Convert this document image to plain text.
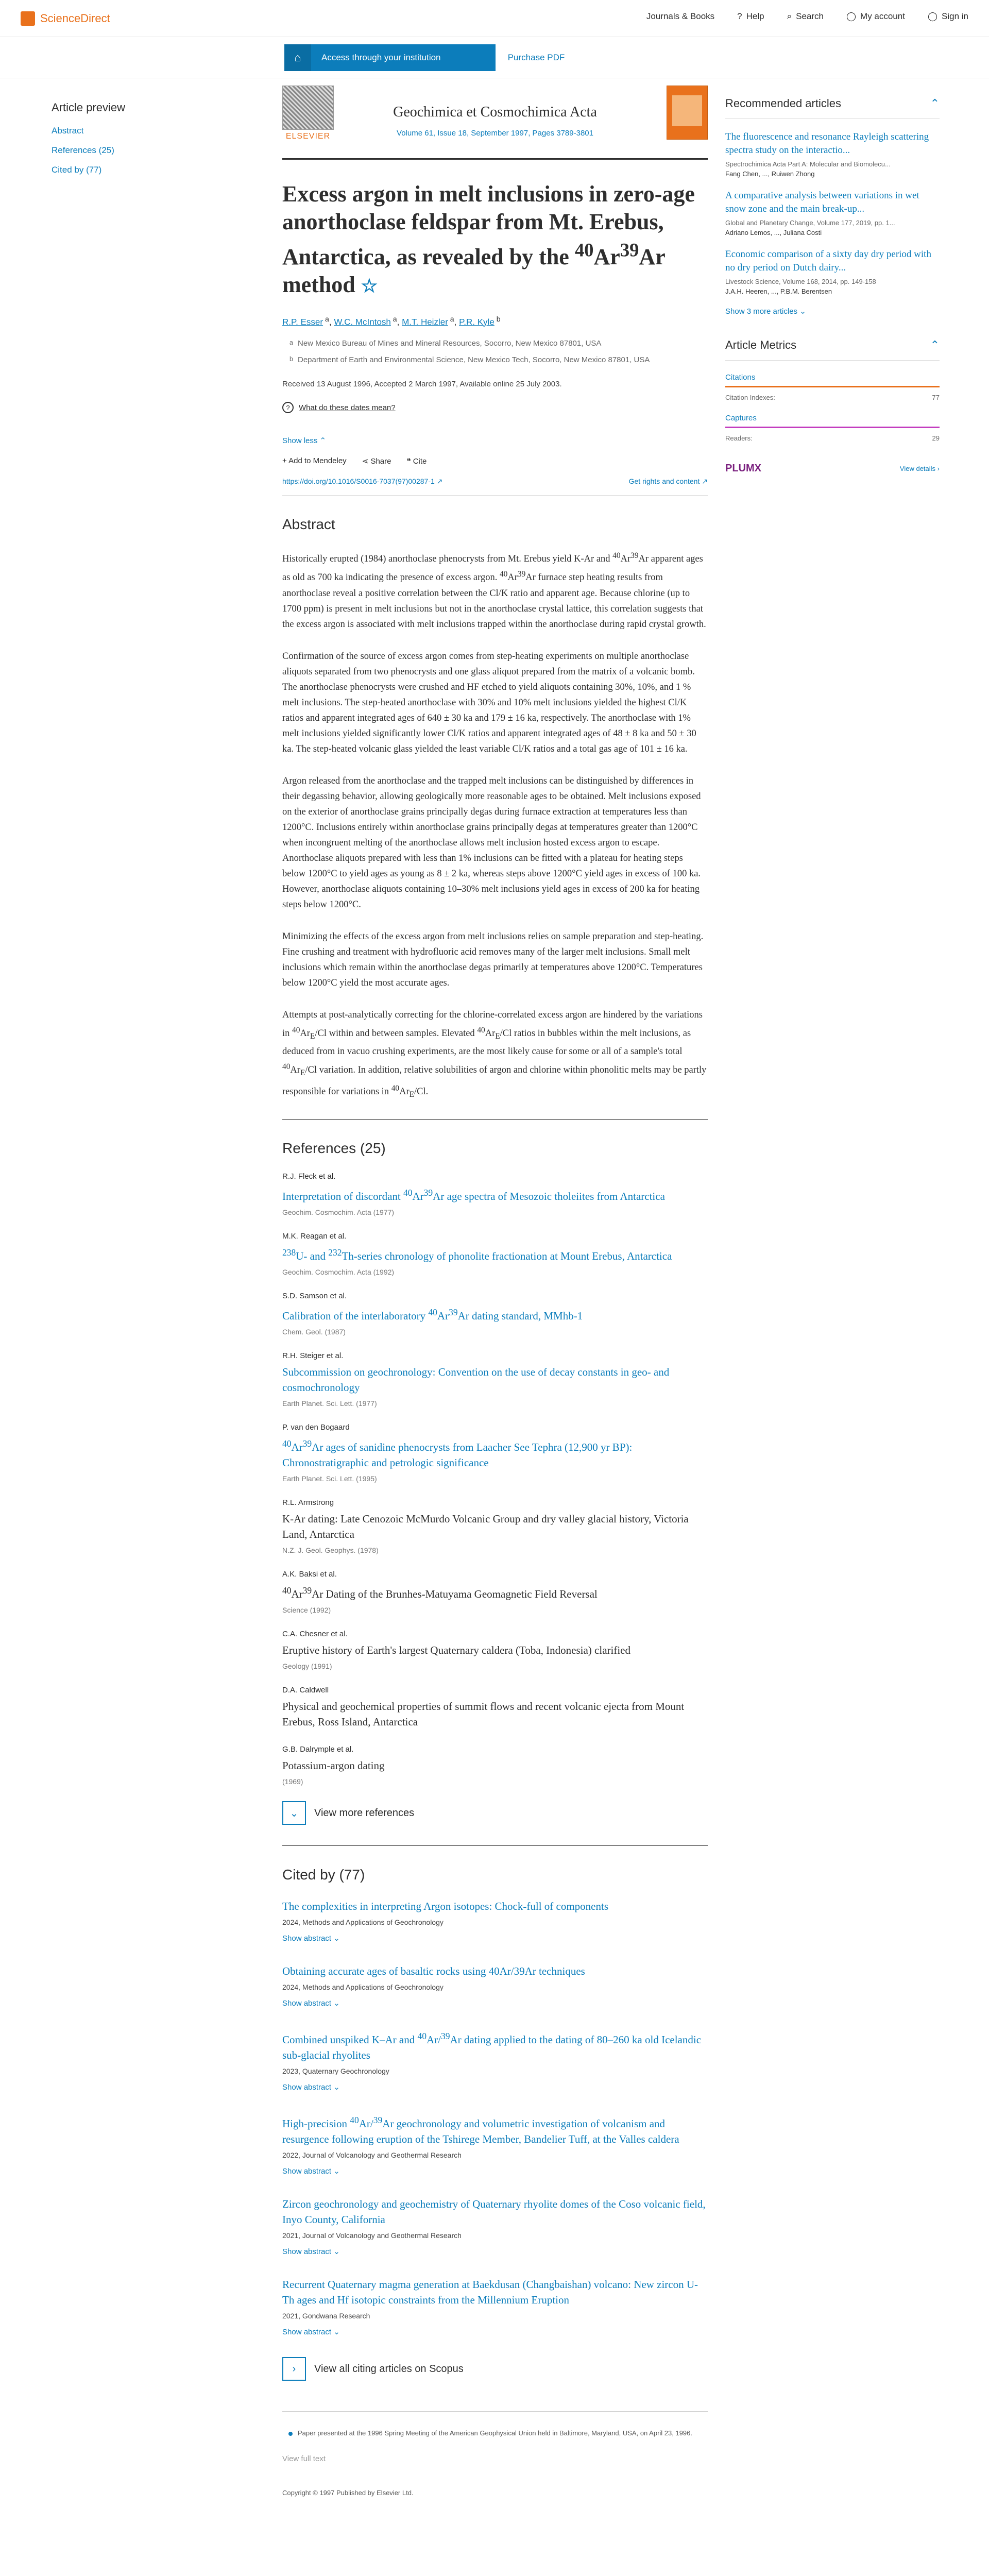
ScienceDirect	Journals & Books	? Help	⌕ Search	◯ My account	◯ Sign in
⌂	Access through your institution	Purchase PDF
Article preview
Abstract
References (25)
Cited by (77)
ELSEVIER
Geochimica et Cosmochimica Acta
Volume 61, Issue 18, September 1997, Pages 3789-3801
Excess argon in melt inclusions in zero-age anorthoclase feldspar from Mt. Erebus, Antarctica, as revealed by the $^{40}$Ar$^{39}$Ar method ☆
R.P. Esser $^a$, W.C. McIntosh $^a$, M.T. Heizler $^a$, P.R. Kyle $^b$
a New Mexico Bureau of Mines and Mineral Resources, Socorro, New Mexico 87801, USA
b Department of Earth and Environmental Science, New Mexico Tech, Socorro, New Mexico 87801, USA
Received 13 August 1996, Accepted 2 March 1997, Available online 25 July 2003.
?	What do these dates mean?
Show less ⌃
+ Add to Mendeley ⋖ Share ❝ Cite
https://doi.org/10.1016/S0016-7037(97)00287-1 ↗	Get rights and content ↗
Abstract

Historically erupted (1984) anorthoclase phenocrysts from Mt. Erebus yield K-Ar and $^{40}$Ar$^{39}$Ar apparent ages as old as 700 ka indicating the presence of excess argon. $^{40}$Ar$^{39}$Ar furnace step heating results from anorthoclase reveal a positive correlation between the Cl/K ratio and apparent age. Because chlorine (up to 1700 ppm) is present in melt inclusions but not in the anorthoclase crystal lattice, this correlation suggests that the excess argon is associated with melt inclusions trapped within the anorthoclase during rapid crystal growth.

Confirmation of the source of excess argon comes from step-heating experiments on multiple anorthoclase aliquots separated from two phenocrysts and one glass aliquot prepared from the matrix of a volcanic bomb. The anorthoclase phenocrysts were crushed and HF etched to yield aliquots containing 30%, 10%, and 1 % melt inclusions. The step-heated anorthoclase with 30% and 10% melt inclusions yielded the highest Cl/K ratios and apparent integrated ages of 640 ± 30 ka and 179 ± 16 ka, respectively. The anorthoclase with 1% melt inclusions yielded significantly lower Cl/K ratios and apparent integrated ages of 48 ± 8 ka and 50 ± 30 ka. The step-heated volcanic glass yielded the least variable Cl/K ratios and a total gas age of 101 ± 16 ka.

Argon released from the anorthoclase and the trapped melt inclusions can be distinguished by differences in their degassing behavior, allowing geologically more reasonable ages to be obtained. Melt inclusions exposed on the exterior of anorthoclase grains principally degas during furnace extraction at temperatures less than 1200°C. Inclusions entirely within anorthoclase grains principally degas at temperatures greater than 1200°C when incongruent melting of the anorthoclase allows melt inclusion hosted excess argon to escape. Anorthoclase aliquots prepared with less than 1% inclusions can be fitted with a plateau for heating steps below 1200°C to yield ages as young as 8 ± 2 ka, whereas steps above 1200°C yield ages in excess of 100 ka. However, anorthoclase aliquots containing 10–30% melt inclusions yield ages in excess of 200 ka for heating steps below 1200°C.

Minimizing the effects of the excess argon from melt inclusions relies on sample preparation and step-heating. Fine crushing and treatment with hydrofluoric acid removes many of the larger melt inclusions. Small melt inclusions which remain within the anorthoclase degas primarily at temperatures above 1200°C. Temperatures below 1200°C yield the most accurate ages.

Attempts at post-analytically correcting for the chlorine-correlated excess argon are hindered by the variations in $^{40}Ar_E/Cl$ within and between samples. Elevated $^{40}Ar_E/Cl$ ratios in bubbles within the melt inclusions, as deduced from in vacuo crushing experiments, are the most likely cause for some or all of a sample's total $^{40}Ar_E/Cl$ variation. In addition, relative solubilities of argon and chlorine within phonolitic melts may be partly responsible for variations in $^{40}Ar_E/Cl$.

References (25)
R.J. Fleck et al.
Interpretation of discordant $^{40}$Ar$^{39}$Ar age spectra of Mesozoic tholeiites from Antarctica
Geochim. Cosmochim. Acta (1977)
M.K. Reagan et al.
$^{238}$U- and $^{232}$Th-series chronology of phonolite fractionation at Mount Erebus, Antarctica
Geochim. Cosmochim. Acta (1992)
S.D. Samson et al.
Calibration of the interlaboratory $^{40}$Ar$^{39}$Ar dating standard, MMhb-1
Chem. Geol. (1987)
R.H. Steiger et al.
Subcommission on geochronology: Convention on the use of decay constants in geo- and cosmochronology
Earth Planet. Sci. Lett. (1977)
P. van den Bogaard
$^{40}$Ar$^{39}$Ar ages of sanidine phenocrysts from Laacher See Tephra (12,900 yr BP): Chronostratigraphic and petrologic significance
Earth Planet. Sci. Lett. (1995)
R.L. Armstrong
K-Ar dating: Late Cenozoic McMurdo Volcanic Group and dry valley glacial history, Victoria Land, Antarctica
N.Z. J. Geol. Geophys. (1978)
A.K. Baksi et al.
$^{40}$Ar$^{39}$Ar Dating of the Brunhes-Matuyama Geomagnetic Field Reversal
Science (1992)
C.A. Chesner et al.
Eruptive history of Earth's largest Quaternary caldera (Toba, Indonesia) clarified
Geology (1991)
D.A. Caldwell
Physical and geochemical properties of summit flows and recent volcanic ejecta from Mount Erebus, Ross Island, Antarctica
G.B. Dalrymple et al.
Potassium-argon dating
(1969)
⌄	View more references
Cited by (77)
The complexities in interpreting Argon isotopes: Chock-full of components
2024, Methods and Applications of Geochronology
Show abstract ⌄
Obtaining accurate ages of basaltic rocks using 40Ar/39Ar techniques
2024, Methods and Applications of Geochronology
Show abstract ⌄
Combined unspiked K–Ar and $^{40}$Ar/$^{39}$Ar dating applied to the dating of 80–260 ka old Icelandic sub-glacial rhyolites
2023, Quaternary Geochronology
Show abstract ⌄
High-precision $^{40}$Ar/$^{39}$Ar geochronology and volumetric investigation of volcanism and resurgence following eruption of the Tshirege Member, Bandelier Tuff, at the Valles caldera
2022, Journal of Volcanology and Geothermal Research
Show abstract ⌄
Zircon geochronology and geochemistry of Quaternary rhyolite domes of the Coso volcanic field, Inyo County, California
2021, Journal of Volcanology and Geothermal Research
Show abstract ⌄
Recurrent Quaternary magma generation at Baekdusan (Changbaishan) volcano: New zircon U-Th ages and Hf isotopic constraints from the Millennium Eruption
2021, Gondwana Research
Show abstract ⌄
›	View all citing articles on Scopus
Paper presented at the 1996 Spring Meeting of the American Geophysical Union held in Baltimore, Maryland, USA, on April 23, 1996.
View full text
Copyright © 1997 Published by Elsevier Ltd.
Recommended articles	⌃
The fluorescence and resonance Rayleigh scattering spectra study on the interactio...
Spectrochimica Acta Part A: Molecular and Biomolecu...
Fang Chen, ..., Ruiwen Zhong
A comparative analysis between variations in wet snow zone and the main break-up...
Global and Planetary Change, Volume 177, 2019, pp. 1...
Adriano Lemos, ..., Juliana Costi
Economic comparison of a sixty day dry period with no dry period on Dutch dairy...
Livestock Science, Volume 168, 2014, pp. 149-158
J.A.H. Heeren, ..., P.B.M. Berentsen
Show 3 more articles ⌄
Article Metrics	⌃
Citations
Citation Indexes:	77
Captures
Readers:	29
PLUMX	View details ›
